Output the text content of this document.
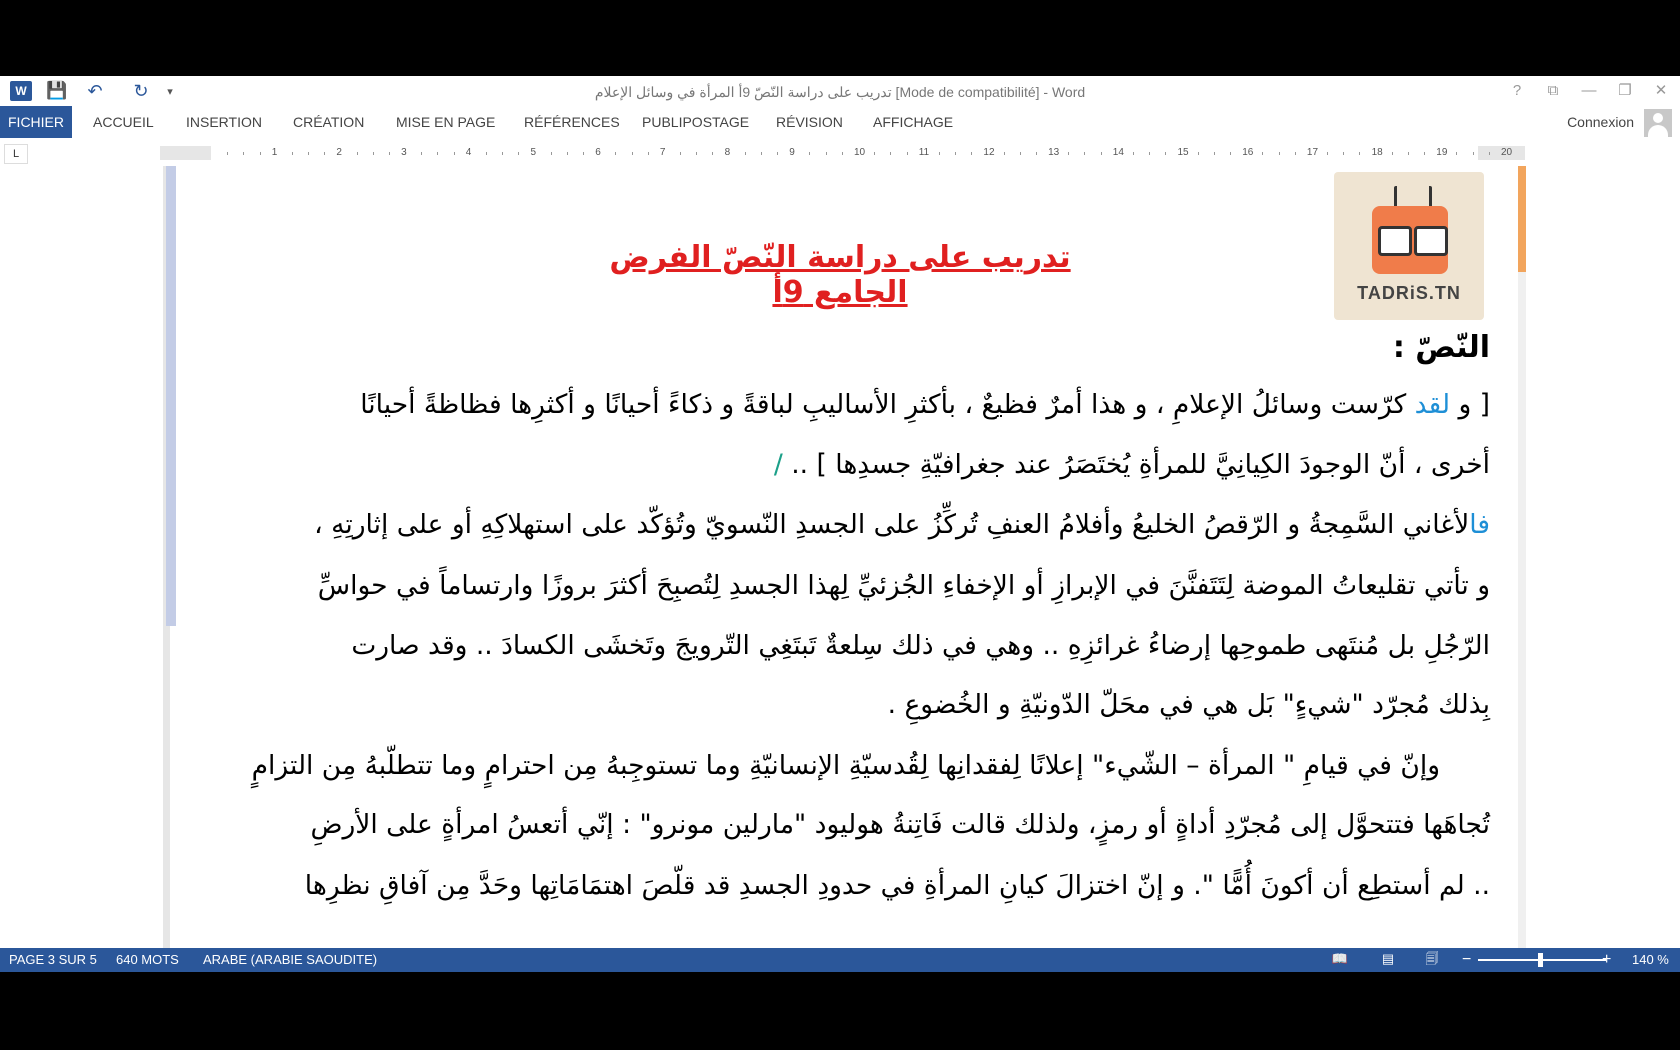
W	💾	↶	↻	▾	تدريب على دراسة النّصّ 9أ المرأة في وسائل الإعلام [Mode de compatibilité] - Word	?	⧉	—	❐	✕
FICHIER	ACCUEIL INSERTION CRÉATION MISE EN PAGE RÉFÉRENCES PUBLIPOSTAGE RÉVISION AFFICHAGE	Connexion
L	1	2	3	4	5	6	7	8	9	10	11	12	13	14	15	16	17	18	19	20
TADRiS.TN
تدريب على دراسة النّصّ الفرض الجامع 9أ
النّصّ :
[ و لقد كرّست وسائلُ الإعلامِ ، و هذا أمرٌ فظيعٌ ، بأكثرِ الأساليبِ لباقةً و ذكاءً أحيانًا و أكثرِها فظاظةً أحيانًا
أخرى ، أنّ الوجودَ الكِيانِيَّ للمرأةِ يُختَصَرُ عند جغرافيّةِ جسدِها ] .. /
فالأغاني السَّمِجةُ و الرّقصُ الخليعُ وأفلامُ العنفِ تُركِّزُ على الجسدِ النّسويّ وتُؤكّد على استهلاكِهِ أو على إثارتِهِ ،
و تأتي تقليعاتُ الموضة لِتَتَفنَّنَ في الإبرازِ أو الإخفاءِ الجُزئيِّ لِهذا الجسدِ لِتُصبِحَ أكثرَ بروزًا وارتساماً في حواسِّ
الرّجُلِ بل مُنتَهى طموحِها إرضاءُ غرائزِهِ .. وهي في ذلك سِلعةٌ تَبتَغِي التّرويجَ وتَخشَى الكسادَ .. وقد صارت
بِذلك مُجرّد "شيءٍ" بَل هي في محَلّ الدّونيّةِ و الخُضوعِ .
وإنّ في قيامِ " المرأة – الشّيء" إعلانًا لِفقدانِها لِقُدسيّةِ الإنسانيّةِ وما تستوجِبهُ مِن احترامٍ وما تتطلّبهُ مِن التزامٍ
تُجاهَها فتتحوَّل إلى مُجرّدِ أداةٍ أو رمزٍ، ولذلك قالت فَاتِنةُ هوليود "مارلين مونرو" : إنّي أتعسُ امرأةٍ على الأرضِ
.. لم أستطِع أن أكونَ أُمًّا ". و إنّ اختزالَ كيانِ المرأةِ في حدودِ الجسدِ قد قلّصَ اهتمَامَاتِها وحَدَّ مِن آفاقِ نظرِها
PAGE 3 SUR 5 640 MOTS ARABE (ARABIE SAOUDITE)	📖	▤ 🗐 −	+ 140 %
